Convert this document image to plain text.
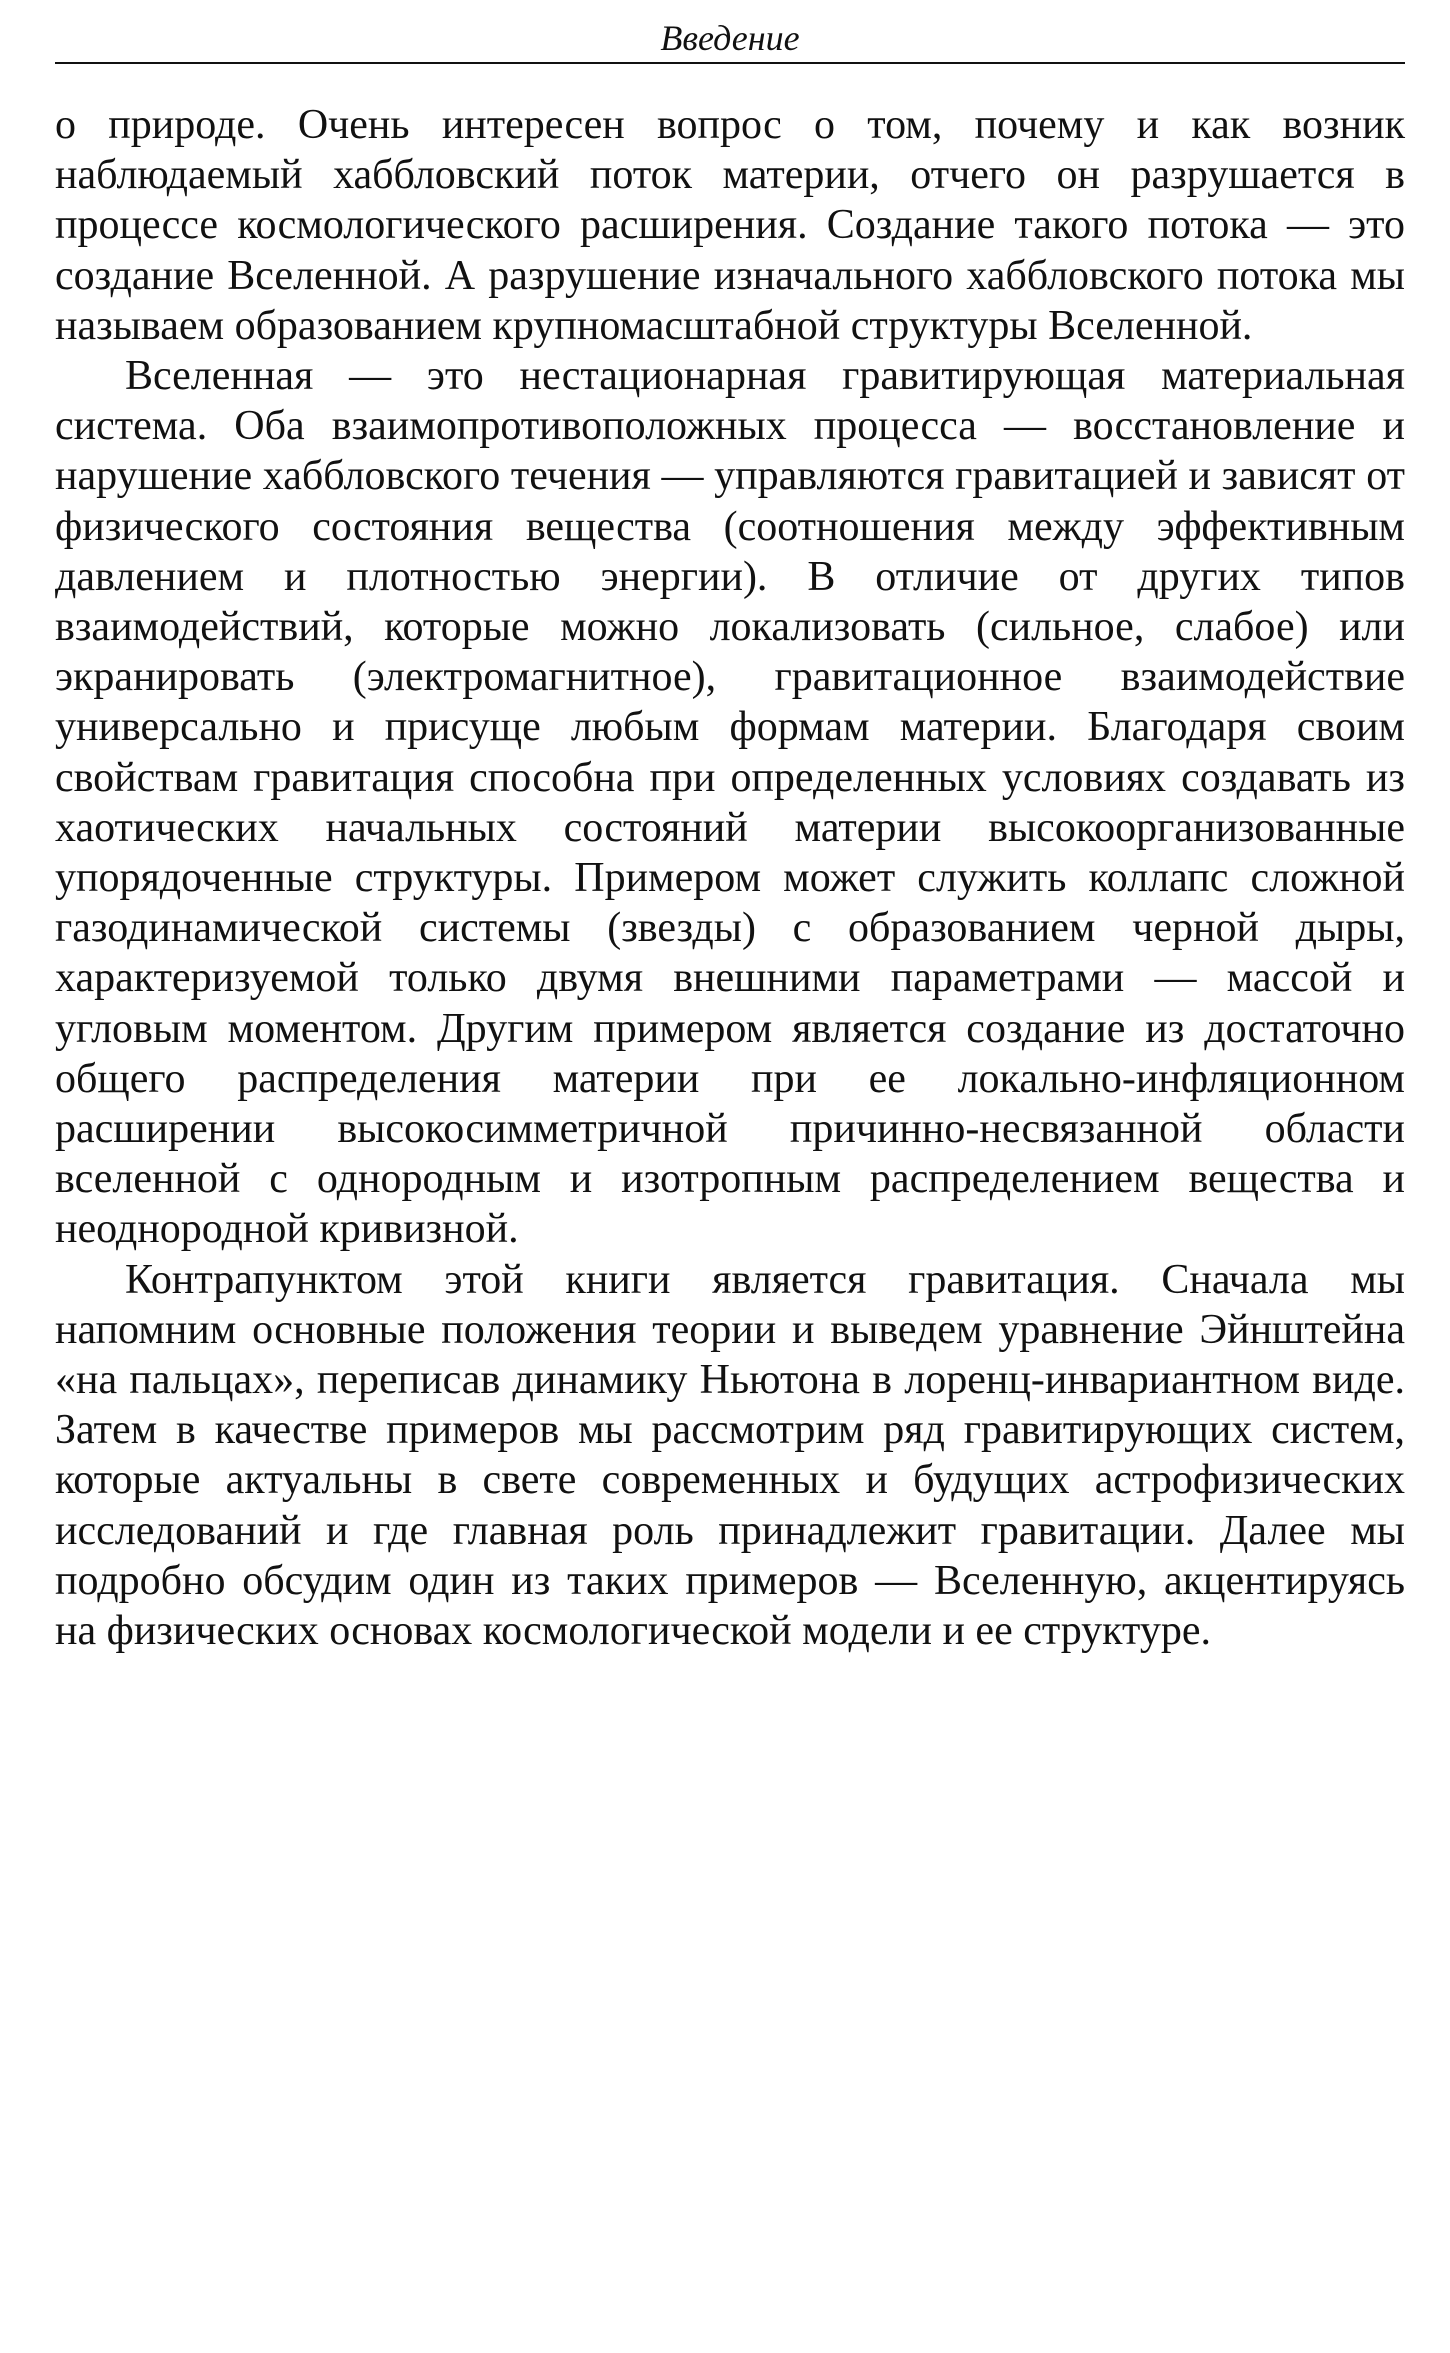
Введение

о природе. Очень интересен вопрос о том, почему и как возник наблюдаемый хаббловский поток материи, отчего он разрушается в процессе космологического расширения. Создание такого потока — это создание Вселенной. А разрушение изначального хаббловского потока мы называем образованием крупномасштабной структуры Вселенной.

Вселенная — это нестационарная гравитирующая материальная система. Оба взаимопротивоположных процесса — восстановление и нарушение хаббловского течения — управляются гравитацией и зависят от физического состояния вещества (соотношения между эффективным давлением и плотностью энергии). В отличие от других типов взаимодействий, которые можно локализовать (сильное, слабое) или экранировать (электромагнитное), гравитационное взаимодействие универсально и присуще любым формам материи. Благодаря своим свойствам гравитация способна при определенных условиях создавать из хаотических начальных состояний материи высокоорганизованные упорядоченные структуры. Примером может служить коллапс сложной газодинамической системы (звезды) с образованием черной дыры, характеризуемой только двумя внешними параметрами — массой и угловым моментом. Другим примером является создание из достаточно общего распределения материи при ее локально-инфляционном расширении высокосимметричной причинно-несвязанной области вселенной с однородным и изотропным распределением вещества и неоднородной кривизной.

Контрапунктом этой книги является гравитация. Сначала мы напомним основные положения теории и выведем уравнение Эйнштейна «на пальцах», переписав динамику Ньютона в лоренц-инвариантном виде. Затем в качестве примеров мы рассмотрим ряд гравитирующих систем, которые актуальны в свете современных и будущих астрофизических исследований и где главная роль принадлежит гравитации. Далее мы подробно обсудим один из таких примеров — Вселенную, акцентируясь на физических основах космологической модели и ее структуре.
